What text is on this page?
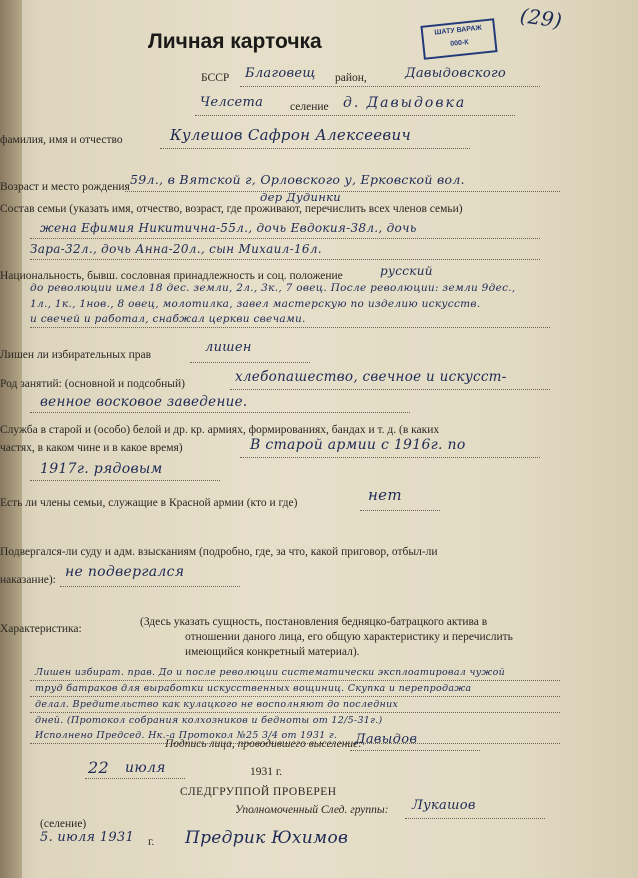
(29)
ШАТУ ВАРАЖ
000-К
Личная карточка
БССР Благовещ район,	Давыдовского
Челсета селение д. Давыдовка
фамилия, имя и отчество	Кулешов Сафрон Алексеевич
Возраст и место рождения 59л., в Вятской г, Орловского у, Ерковской вол.
дер Дудинки
Состав семьи (указать имя, отчество, возраст, где проживают, перечислить всех членов семьи)
жена Ефимия Никитична-55л., дочь Евдокия-38л., дочь
Зара-32л., дочь Анна-20л., сын Михаил-16л.
Национальность, бывш. сословная принадлежность и соц. положение	русский
до революции имел 18 дес. земли, 2л., 3к., 7 овец. После революции: земли 9дес.,
1л., 1к., 1нов., 8 овец, молотилка, завел мастерскую по изделию искусств.
и свечей и работал, снабжал церкви свечами.
Лишен ли избирательных прав	лишен
Род занятий: (основной и подсобный)	хлебопашество, свечное и искусст-
венное восковое заведение.
Служба в старой и (особо) белой и др. кр. армиях, формированиях, бандах и т. д. (в каких
частях, в каком чине и в какое время)	В старой армии с 1916г. по
1917г. рядовым
Есть ли члены семьи, служащие в Красной армии (кто и где)	нет
Подвергался-ли суду и адм. взысканиям (подробно, где, за что, какой приговор, отбыл-ли
наказание): не подвергался
Характеристика:
(Здесь указать сущность, постановления бедняцко-батрацкого актива в
отношении даного лица, его общую характеристику и перечислить
имеющийся конкретный материал).
Лишен избират. прав. До и после революции систематически эксплоатировал чужой
труд батраков для выработки искусственных вощиниц. Скупка и перепродажа
делал. Вредительство как кулацкого не восполняют до последних
дней. (Протокол собрания колхозников и бедноты от 12/5-31г.)
Исполнено Председ. Нк.-а Протокол №25 3/4 от 1931 г.
Подпись лица, проводившего выселение:
Давыдов
22 июля	1931 г.
СЛЕДГРУППОЙ ПРОВЕРЕН
Уполномоченный След. группы: Лукашов
(селение)
5. июля 1931 г. Предрик Юхимов
